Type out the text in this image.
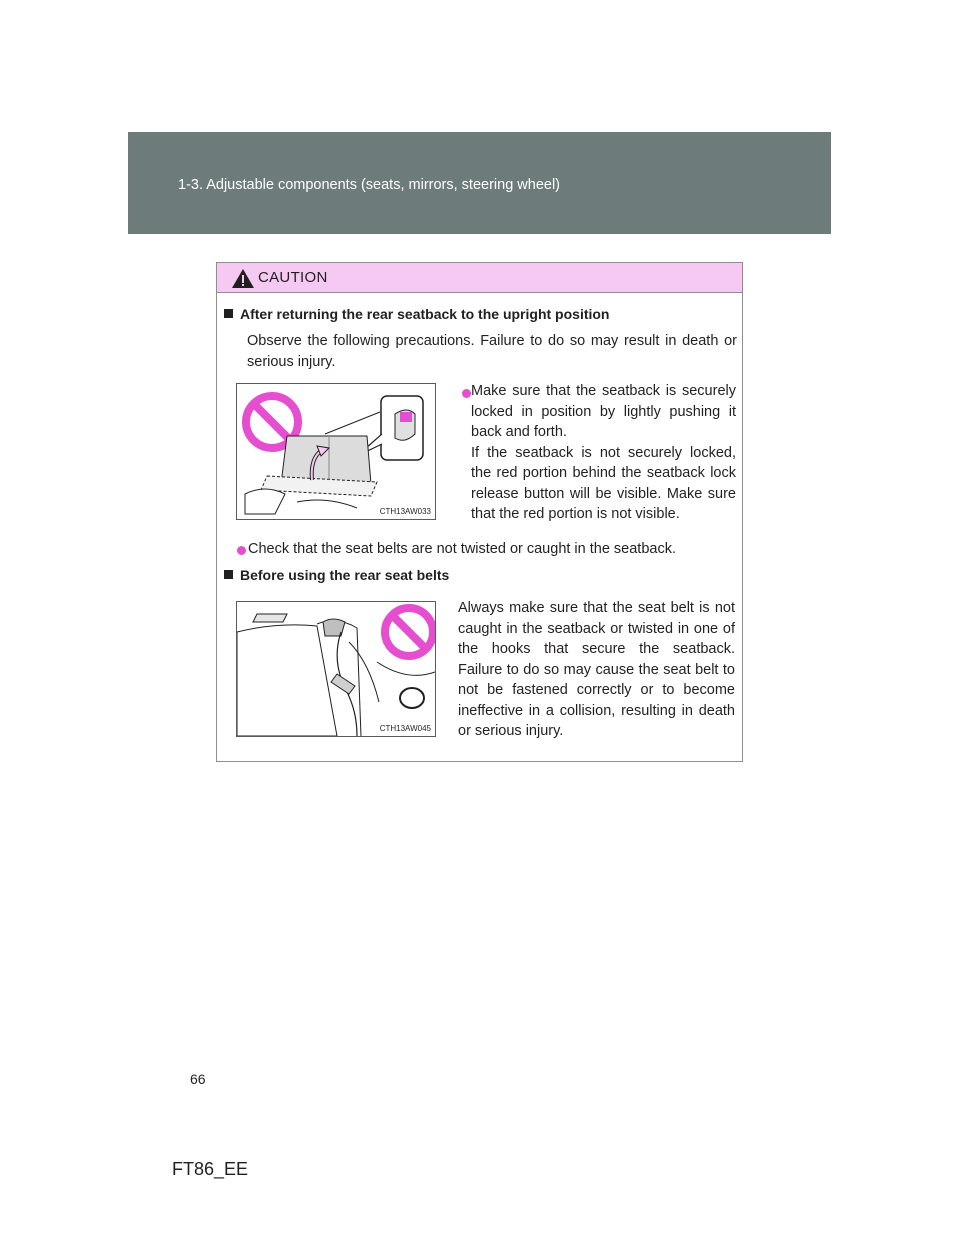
1-3. Adjustable components (seats, mirrors, steering wheel)
CAUTION
After returning the rear seatback to the upright position
Observe the following precautions. Failure to do so may result in death or serious injury.
CTH13AW033
Make sure that the seatback is securely locked in position by lightly pushing it back and forth.
If the seatback is not securely locked, the red portion behind the seatback lock release button will be visible. Make sure that the red portion is not visible.
Check that the seat belts are not twisted or caught in the seatback.
Before using the rear seat belts
CTH13AW045
Always make sure that the seat belt is not caught in the seatback or twisted in one of the hooks that secure the seatback. Failure to do so may cause the seat belt to not be fastened correctly or to become ineffective in a collision, resulting in death or serious injury.
66
FT86_EE
